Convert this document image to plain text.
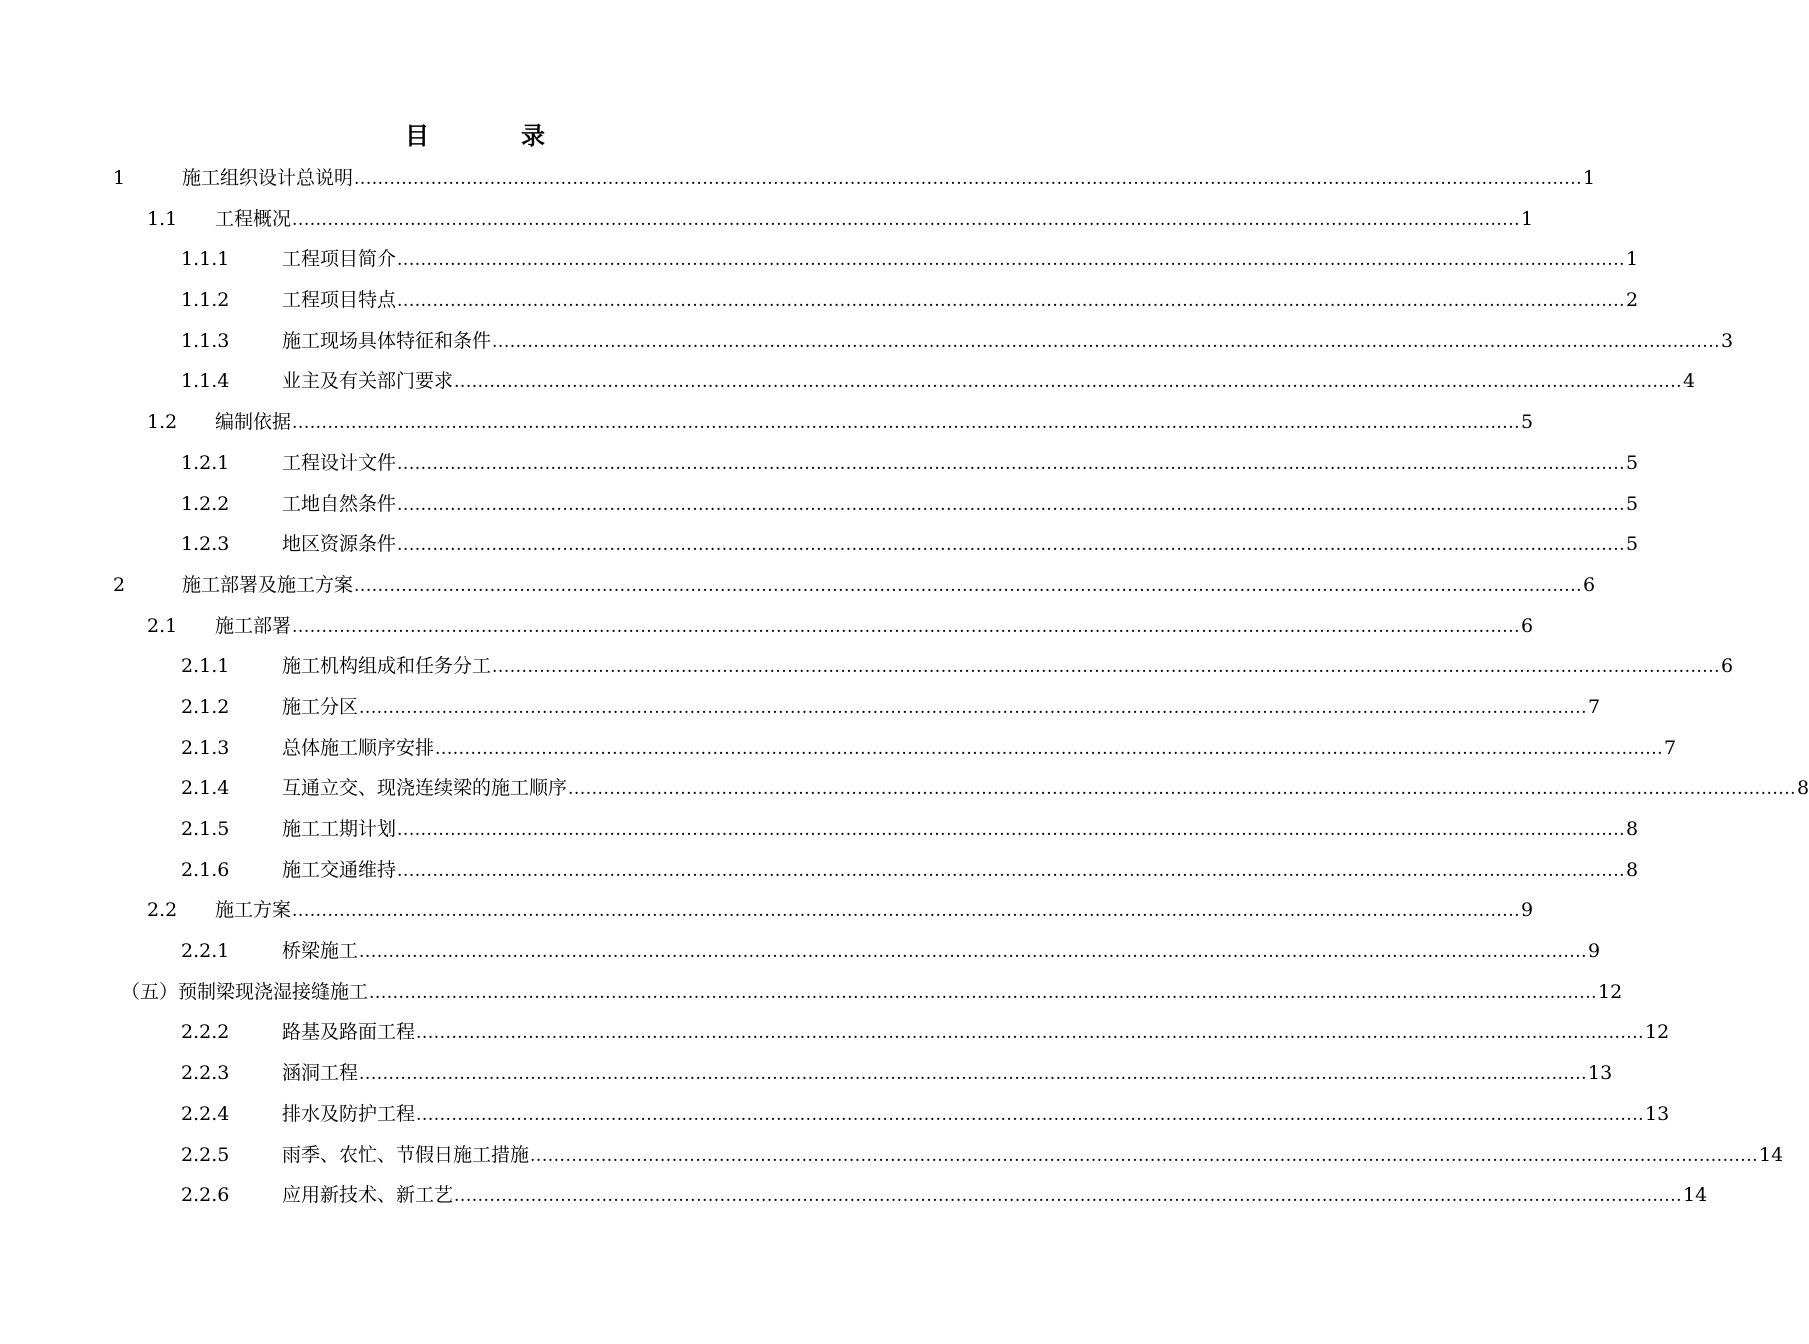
目　录
1	施工组织设计总说明 ................................................................................................................................................................................................................ 1
1.1 工程概况 ................................................................................................................................................................................................................ 1
1.1.1	工程项目简介 ................................................................................................................................................................................................................ 1
1.1.2	工程项目特点 ................................................................................................................................................................................................................ 2
1.1.3	施工现场具体特征和条件 ................................................................................................................................................................................................................ 3
1.1.4	业主及有关部门要求 ................................................................................................................................................................................................................ 4
1.2 编制依据 ................................................................................................................................................................................................................ 5
1.2.1	工程设计文件 ................................................................................................................................................................................................................ 5
1.2.2	工地自然条件 ................................................................................................................................................................................................................ 5
1.2.3	地区资源条件 ................................................................................................................................................................................................................ 5
2	施工部署及施工方案 ................................................................................................................................................................................................................ 6
2.1 施工部署 ................................................................................................................................................................................................................ 6
2.1.1	施工机构组成和任务分工 ................................................................................................................................................................................................................ 6
2.1.2	施工分区 ................................................................................................................................................................................................................ 7
2.1.3	总体施工顺序安排 ................................................................................................................................................................................................................ 7
2.1.4	互通立交、现浇连续梁的施工顺序 ................................................................................................................................................................................................................ 8
2.1.5	施工工期计划 ................................................................................................................................................................................................................ 8
2.1.6	施工交通维持 ................................................................................................................................................................................................................ 8
2.2 施工方案 ................................................................................................................................................................................................................ 9
2.2.1	桥梁施工 ................................................................................................................................................................................................................ 9
（五）预制梁现浇湿接缝施工 ................................................................................................................................................................................................................ 12
2.2.2	路基及路面工程 ................................................................................................................................................................................................................ 12
2.2.3	涵洞工程 ................................................................................................................................................................................................................ 13
2.2.4	排水及防护工程 ................................................................................................................................................................................................................ 13
2.2.5	雨季、农忙、节假日施工措施 ................................................................................................................................................................................................................ 14
2.2.6	应用新技术、新工艺 ................................................................................................................................................................................................................ 14
